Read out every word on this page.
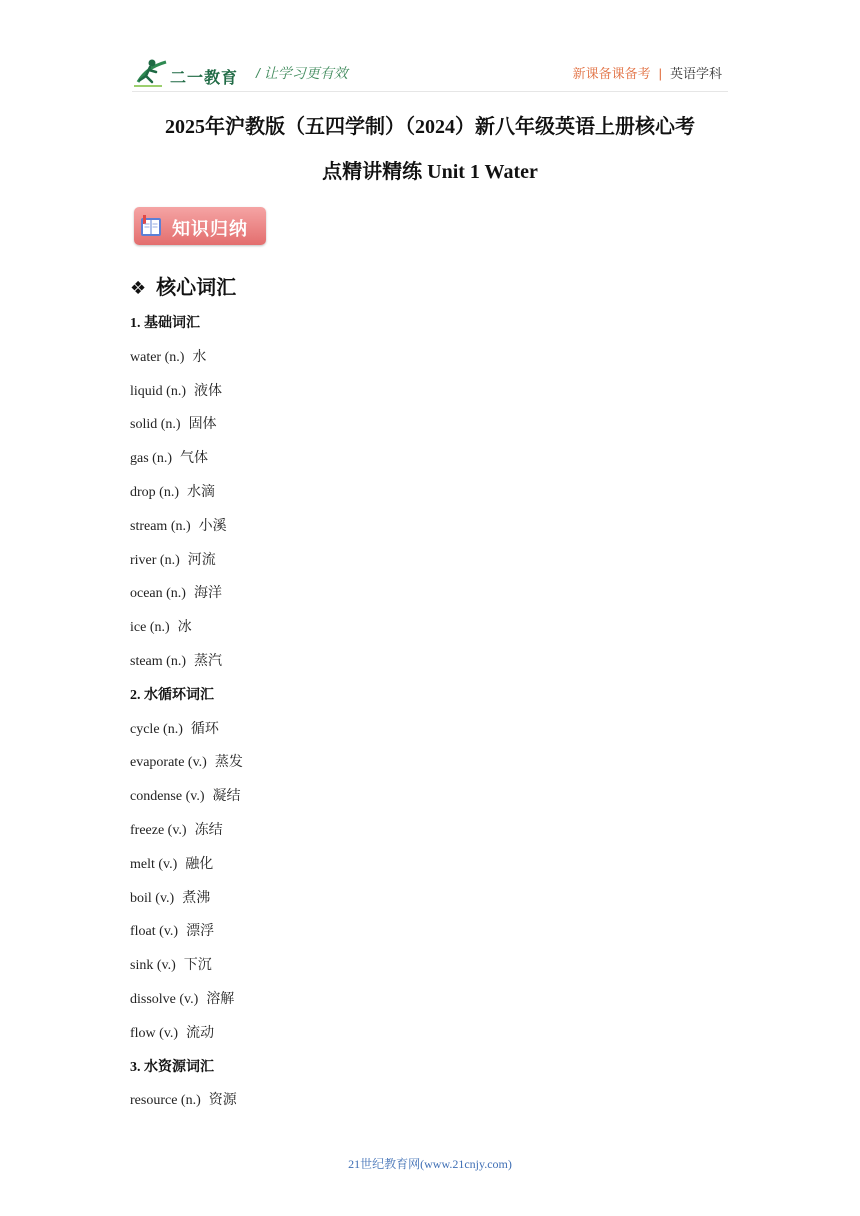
二一教育 / 让学习更有效	新课备课备考 | 英语学科
2025年沪教版（五四学制）（2024）新八年级英语上册核心考
点精讲精练 Unit 1 Water
知识归纳
❖ 核心词汇
1. 基础词汇
water (n.) 水
liquid (n.) 液体
solid (n.) 固体
gas (n.) 气体
drop (n.) 水滴
stream (n.) 小溪
river (n.) 河流
ocean (n.) 海洋
ice (n.) 冰
steam (n.) 蒸汽
2. 水循环词汇
cycle (n.) 循环
evaporate (v.) 蒸发
condense (v.) 凝结
freeze (v.) 冻结
melt (v.) 融化
boil (v.) 煮沸
float (v.) 漂浮
sink (v.) 下沉
dissolve (v.) 溶解
flow (v.) 流动
3. 水资源词汇
resource (n.) 资源
21世纪教育网(www.21cnjy.com)
